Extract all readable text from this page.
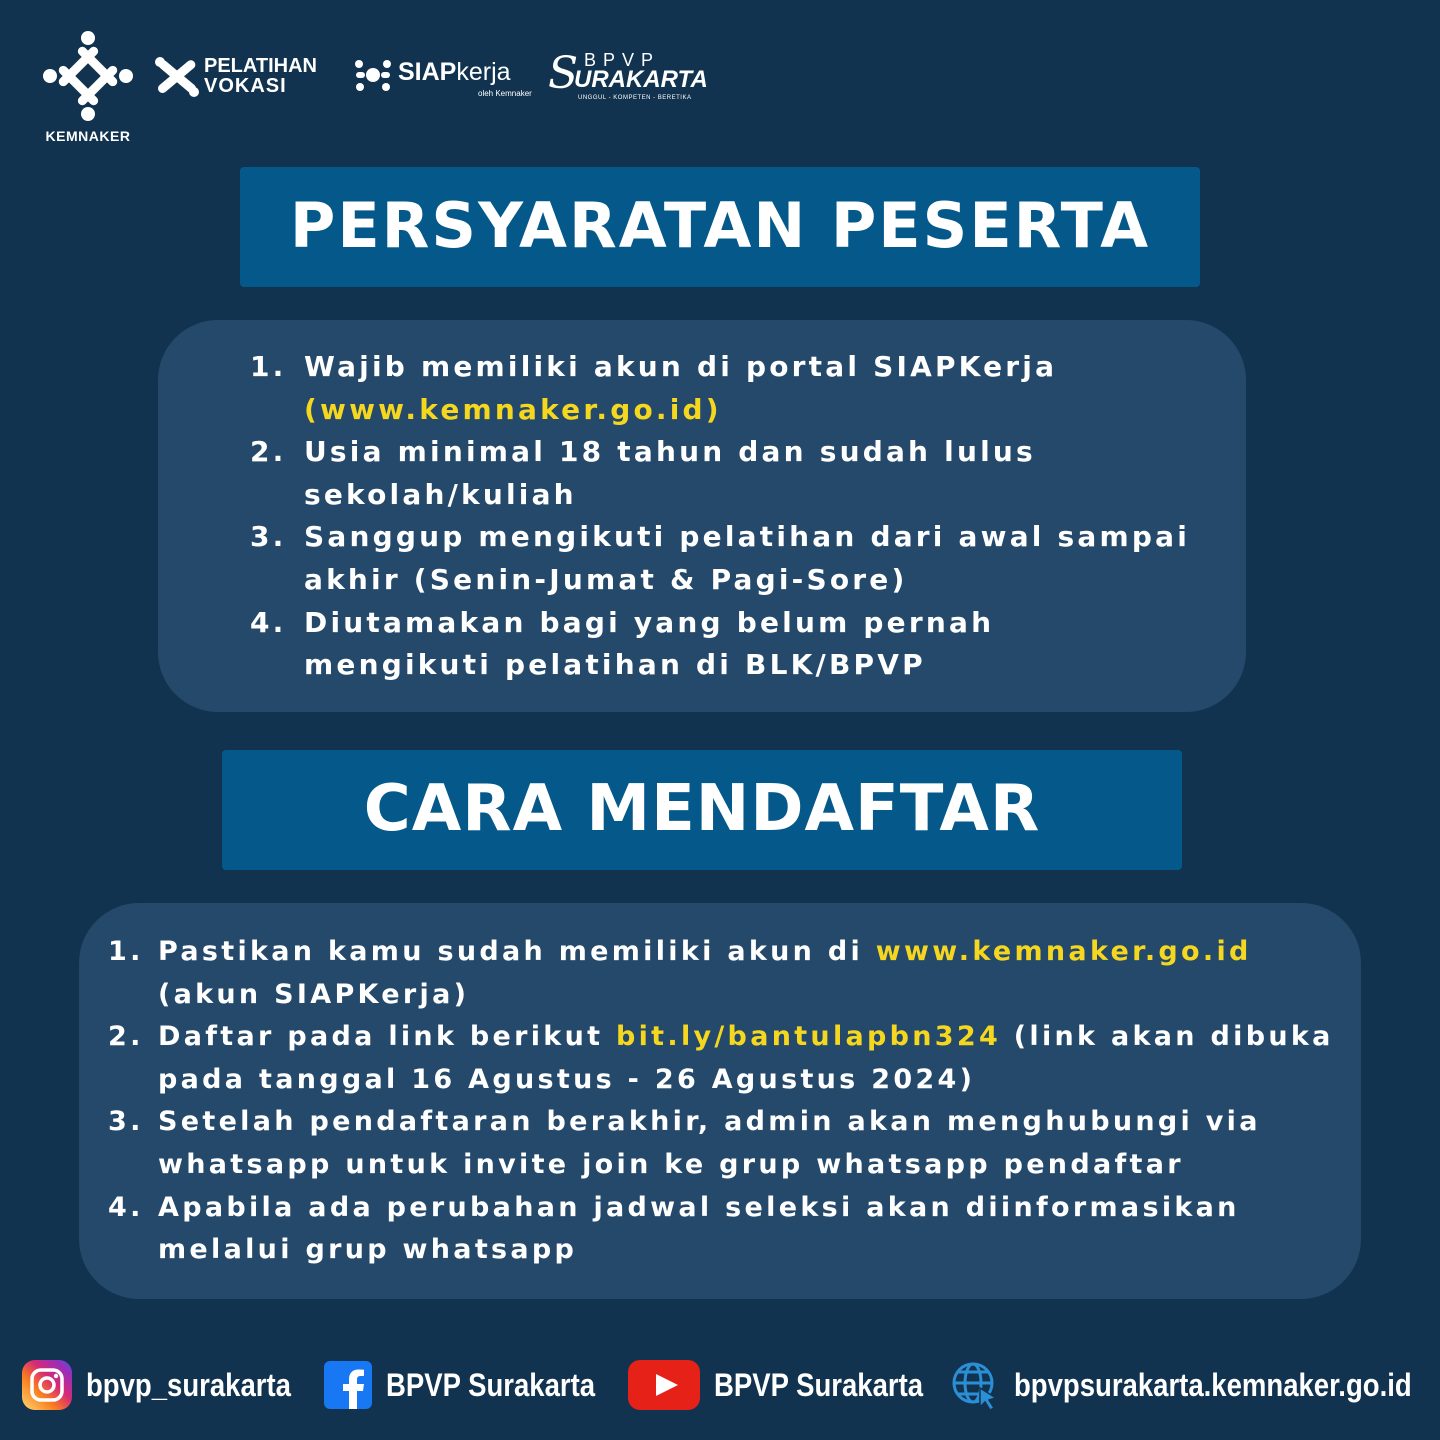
KEMNAKER
PELATIHAN
VOKASI	SIAPkerja
oleh Kemnaker S BPVP
URAKARTA
UNGGUL - KOMPETEN - BERETIKA
PERSYARATAN PESERTA
1. Wajib memiliki akun di portal SIAPKerja
(www.kemnaker.go.id)
2. Usia minimal 18 tahun dan sudah lulus sekolah/kuliah
3. Sanggup mengikuti pelatihan dari awal sampai akhir (Senin-Jumat & Pagi-Sore)
4. Diutamakan bagi yang belum pernah mengikuti pelatihan di BLK/BPVP
CARA MENDAFTAR
1. Pastikan kamu sudah memiliki akun di www.kemnaker.go.id (akun SIAPKerja)
2. Daftar pada link berikut bit.ly/bantulapbn324 (link akan dibuka pada tanggal 16 Agustus - 26 Agustus 2024)
3. Setelah pendaftaran berakhir, admin akan menghubungi via whatsapp untuk invite join ke grup whatsapp pendaftar
4. Apabila ada perubahan jadwal seleksi akan diinformasikan melalui grup whatsapp
bpvp_surakarta	BPVP Surakarta	BPVP Surakarta	bpvpsurakarta.kemnaker.go.id
